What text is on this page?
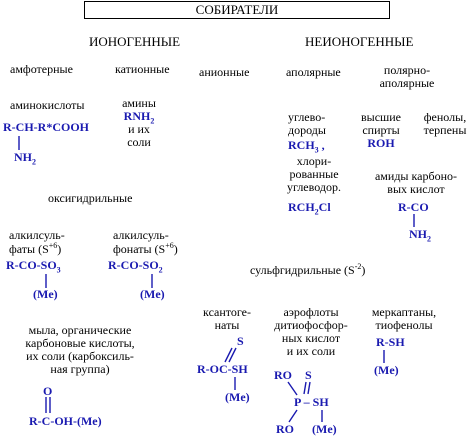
СОБИРАТЕЛИ
ИОНОГЕННЫЕ	НЕИОНОГЕННЫЕ
амфотерные	катионные анионные	аполярные	полярно-
аполярные
аминокислоты
R-CH-R*COOH
$NH_2$
амины
$RNH_2$
и их
соли
углево-
дороды
$RCH_3$ ,
хлори-
рованные
углеводор.
$RCH_2Cl$
высшие
спирты
ROH
фенолы,
терпены
амиды карбоно-
вых кислот
R-CO
$NH_2$
оксигидрильные
алкилсуль-
фаты $(S^{+6})$
$R-CO-SO_3$
(Me)
алкилсуль-
фонаты $(S^{+6})$
$R-CO-SO_2$
(Me)
мыла, органические
карбоновые кислоты,
их соли (карбоксиль-
ная группа)
O
R-C-OH-(Me)
сульфгидрильные $(S^{-2})$
ксантоге-
наты
S
R-OC-SH
(Me)
аэрофлоты
дитиофосфор-
ных кислот
и их соли
RO S
P – SH
RO (Me)
меркаптаны,
тиофенолы
R-SH
(Me)
